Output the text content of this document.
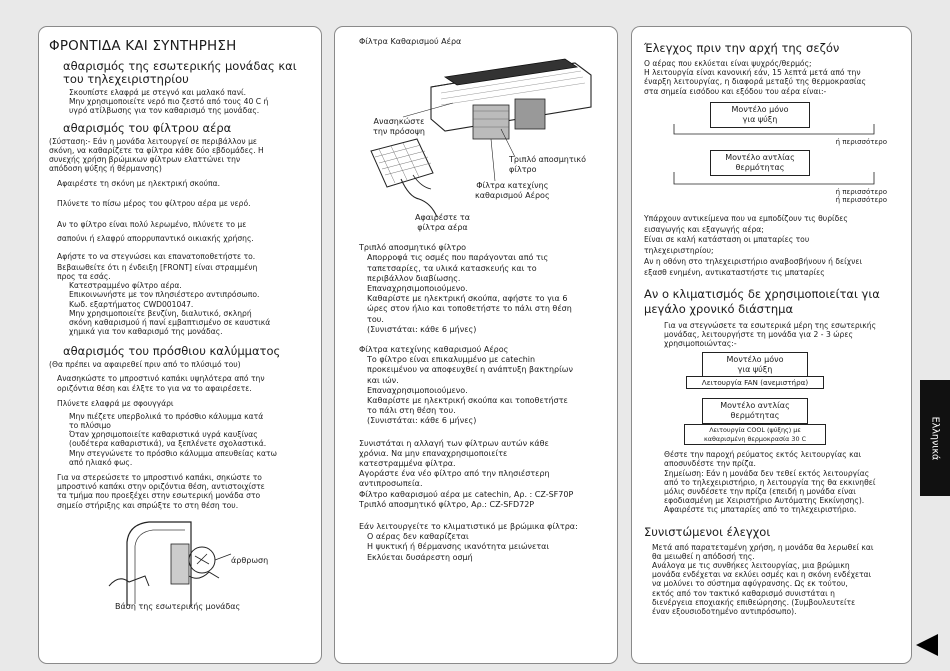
ΦΡΟΝΤΙΔΑ ΚΑΙ ΣΥΝΤΗΡΗΣΗ
αθαρισμός της εσωτερικής μονάδας και του τηλεχειριστηρίου
Σκουπίστε ελαφρά με στεγνό και μαλακό πανί.
Μην χρησιμοποιείτε νερό πιο ζεστό από τους 40 C ή
υγρό ατίλβωσης για τον καθαρισμό της μονάδας.
αθαρισμός του φίλτρου αέρα
(Σύσταση:- Εάν η μονάδα λειτουργεί σε περιβάλλον με
σκόνη, να καθαρίζετε τα φίλτρα κάθε δύο εβδομάδες. Η
συνεχής χρήση βρώμικων φίλτρων ελαττώνει την
απόδοση ψύξης ή θέρμανσης)
Αφαιρέστε τη σκόνη με ηλεκτρική σκούπα.
Πλύνετε το πίσω μέρος του φίλτρου αέρα με νερό.
Αν το φίλτρο είναι πολύ λερωμένο, πλύνετε το με
σαπούνι ή ελαφρύ απορρυπαντικό οικιακής χρήσης.
Αφήστε το να στεγνώσει και επανατοποθετήστε το.
Βεβαιωθείτε ότι η ένδειξη [FRONT] είναι στραμμένη
προς τα εσάς.
Κατεστραμμένο φίλτρο αέρα.
Επικοινωνήστε με τον πλησιέστερο αντιπρόσωπο.
Κωδ. εξαρτήματος CWD001047.
Μην χρησιμοποιείτε βενζίνη, διαλυτικό, σκληρή
σκόνη καθαρισμού ή πανί εμβαπτισμένο σε καυστικά
χημικά για τον καθαρισμό της μονάδας.
αθαρισμός του πρόσθιου καλύμματος
(Θα πρέπει να αφαιρεθεί πριν από το πλύσιμό του)
Ανασηκώστε το μπροστινό καπάκι υψηλότερα από την
οριζόντια θέση και έλξτε το για να το αφαιρέσετε.
Πλύνετε ελαφρά με σφουγγάρι
Μην πιέζετε υπερβολικά το πρόσθιο κάλυμμα κατά
το πλύσιμο
Όταν χρησιμοποιείτε καθαριστικά υγρά καυξίνας
(ουδέτερα καθαριστικά), να ξεπλένετε σχολαστικά.
Μην στεγνώνετε το πρόσθιο κάλυμμα απευθείας κατω
από ηλιακό φως.
Για να στερεώσετε το μπροστινό καπάκι, σηκώστε το
μπροστινό καπάκι στην οριζόντια θέση, αντιστοιχίστε
τα τμήμα που προεξέχει στην εσωτερική μονάδα στο
σημείο στήριξης και σπρώξτε το στη θέση του.
άρθρωση
Βάση της εσωτερικής μονάδας
Φίλτρα Καθαρισμού Αέρα
Ανασηκώστε
την πρόσοψη
Τριπλό αποσμητικό
φίλτρο
Φίλτρα κατεχίνης
καθαρισμού Αέρος
Αφαιρέστε τα
φίλτρα αέρα
Τριπλό αποσμητικό φίλτρο
Απορροφά τις οσμές που παράγονται από τις
ταπετσαρίες, τα υλικά κατασκευής και το
περιβάλλον διαβίωσης.
Επαναχρησιμοποιούμενο.
Καθαρίστε με ηλεκτρική σκούπα, αφήστε το για 6
ώρες στον ήλιο και τοποθετήστε το πάλι στη θέση
του.
(Συνιστάται: κάθε 6 μήνες)
Φίλτρα κατεχίνης καθαρισμού Αέρος
Το φίλτρο είναι επικαλυμμένο με catechin
προκειμένου να αποφευχθεί η ανάπτυξη βακτηρίων
και ιών.
Επαναχρησιμοποιούμενο.
Καθαρίστε με ηλεκτρική σκούπα και τοποθετήστε
το πάλι στη θέση του.
(Συνιστάται: κάθε 6 μήνες)
Συνιστάται η αλλαγή των φίλτρων αυτών κάθε
χρόνια. Να μην επαναχρησιμοποιείτε
κατεστραμμένα φίλτρα.
Αγοράστε ένα νέο φίλτρο από την πλησιέστερη
αντιπροσωπεία.
Φίλτρο καθαρισμού αέρα με catechin, Αρ. : CZ-SF70P
Τριπλό αποσμητικό φίλτρο, Αρ.: CZ-SFD72P
Εάν λειτουργείτε το κλιματιστικό με βρώμικα φίλτρα:
Ο αέρας δεν καθαρίζεται
Η ψυκτική ή θέρμανσης ικανότητα μειώνεται
Εκλύεται δυσάρεστη οσμή
Έλεγχος πριν την αρχή της σεζόν
Ο αέρας που εκλύεται είναι ψυχρός/θερμός;
Η λειτουργία είναι κανονική εάν, 15 λεπτά μετά από την
έναρξη λειτουργίας, η διαφορά μεταξύ της θερμοκρασίας
στα σημεία εισόδου και εξόδου του αέρα είναι:-
Μοντέλο μόνο
για ψύξη
ή περισσότερο
Μοντέλο αντλίας
θερμότητας
ή περισσότερο
ή περισσότερο
Υπάρχουν αντικείμενα που να εμποδίζουν τις θυρίδες
εισαγωγής και εξαγωγής αέρα;
Είναι σε καλή κατάσταση οι μπαταρίες του
τηλεχειριστηρίου;
Αν η οθόνη στο τηλεχειριστήριο αναβοσβήνουν ή δείχνει
εξασθ ενημένη, αντικαταστήστε τις μπαταρίες
Αν ο κλιματισμός δε χρησιμοποιείται για
μεγάλο χρονικό διάστημα
Για να στεγνώσετε τα εσωτερικά μέρη της εσωτερικής
μονάδας, λειτουργήστε τη μονάδα για 2 - 3 ώρες
χρησιμοποιώντας:-
Μοντέλο μόνο
για ψύξη
Λειτουργία FAN (ανεμιστήρα)
Μοντέλο αντλίας
θερμότητας
Λειτουργία COOL (ψύξης) με
καθαρισμένη θερμοκρασία 30 C
Θέστε την παροχή ρεύματος εκτός λειτουργίας και
αποσυνδέστε την πρίζα.
Σημείωση: Εάν η μονάδα δεν τεθεί εκτός λειτουργίας
από το τηλεχειριστήριο, η λειτουργία της θα εκκινηθεί
μόλις συνδέσετε την πρίζα (επειδή η μονάδα είναι
εφοδιασμένη με Χειριστήριο Αυτόματης Εκκίνησης).
Αφαιρέστε τις μπαταρίες από το τηλεχειριστήριο.
Συνιστώμενοι έλεγχοι
Μετά από παρατεταμένη χρήση, η μονάδα θα λερωθεί και
θα μειωθεί η απόδοσή της.
Ανάλογα με τις συνθήκες λειτουργίας, μια βρώμικη
μονάδα ενδέχεται να εκλύει οσμές και η σκόνη ενδέχεται
να μολύνει το σύστημα αφύγρανσης. Ως εκ τούτου,
εκτός από τον τακτικό καθαρισμό συνιστάται η
διενέργεια εποχιακής επιθεώρησης. (Συμβουλευτείτε
έναν εξουσιοδοτημένο αντιπρόσωπο).
Ελληνικά
